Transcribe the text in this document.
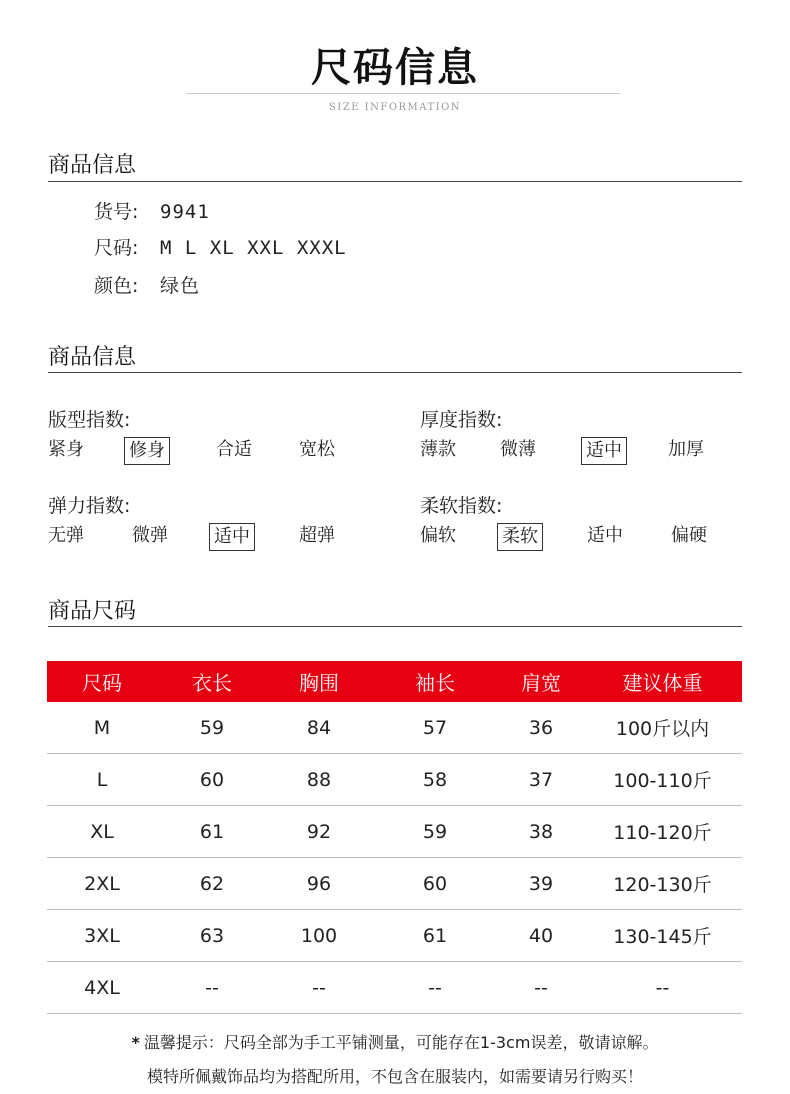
尺码信息
SIZE INFORMATION
商品信息
货号: 9941
尺码: M L XL XXL XXXL
颜色: 绿色
商品信息
版型指数:
紧身	修身	合适	宽松
厚度指数:
薄款 微薄	适中	加厚
弹力指数:
无弹	微弹	适中	超弹
柔软指数:
偏软	柔软	适中	偏硬
商品尺码
尺码	衣长	胸围	袖长	肩宽	建议体重
M	59	84	57	36	100斤以内
L	60	88	58	37	100-110斤
XL	61	92	59	38	110-120斤
2XL	62	96	60	39	120-130斤
3XL	63	100	61	40	130-145斤
4XL	--	--	--	--	--
* 温馨提示：尺码全部为手工平铺测量，可能存在1-3cm误差，敬请谅解。
模特所佩戴饰品均为搭配所用，不包含在服装内，如需要请另行购买！
